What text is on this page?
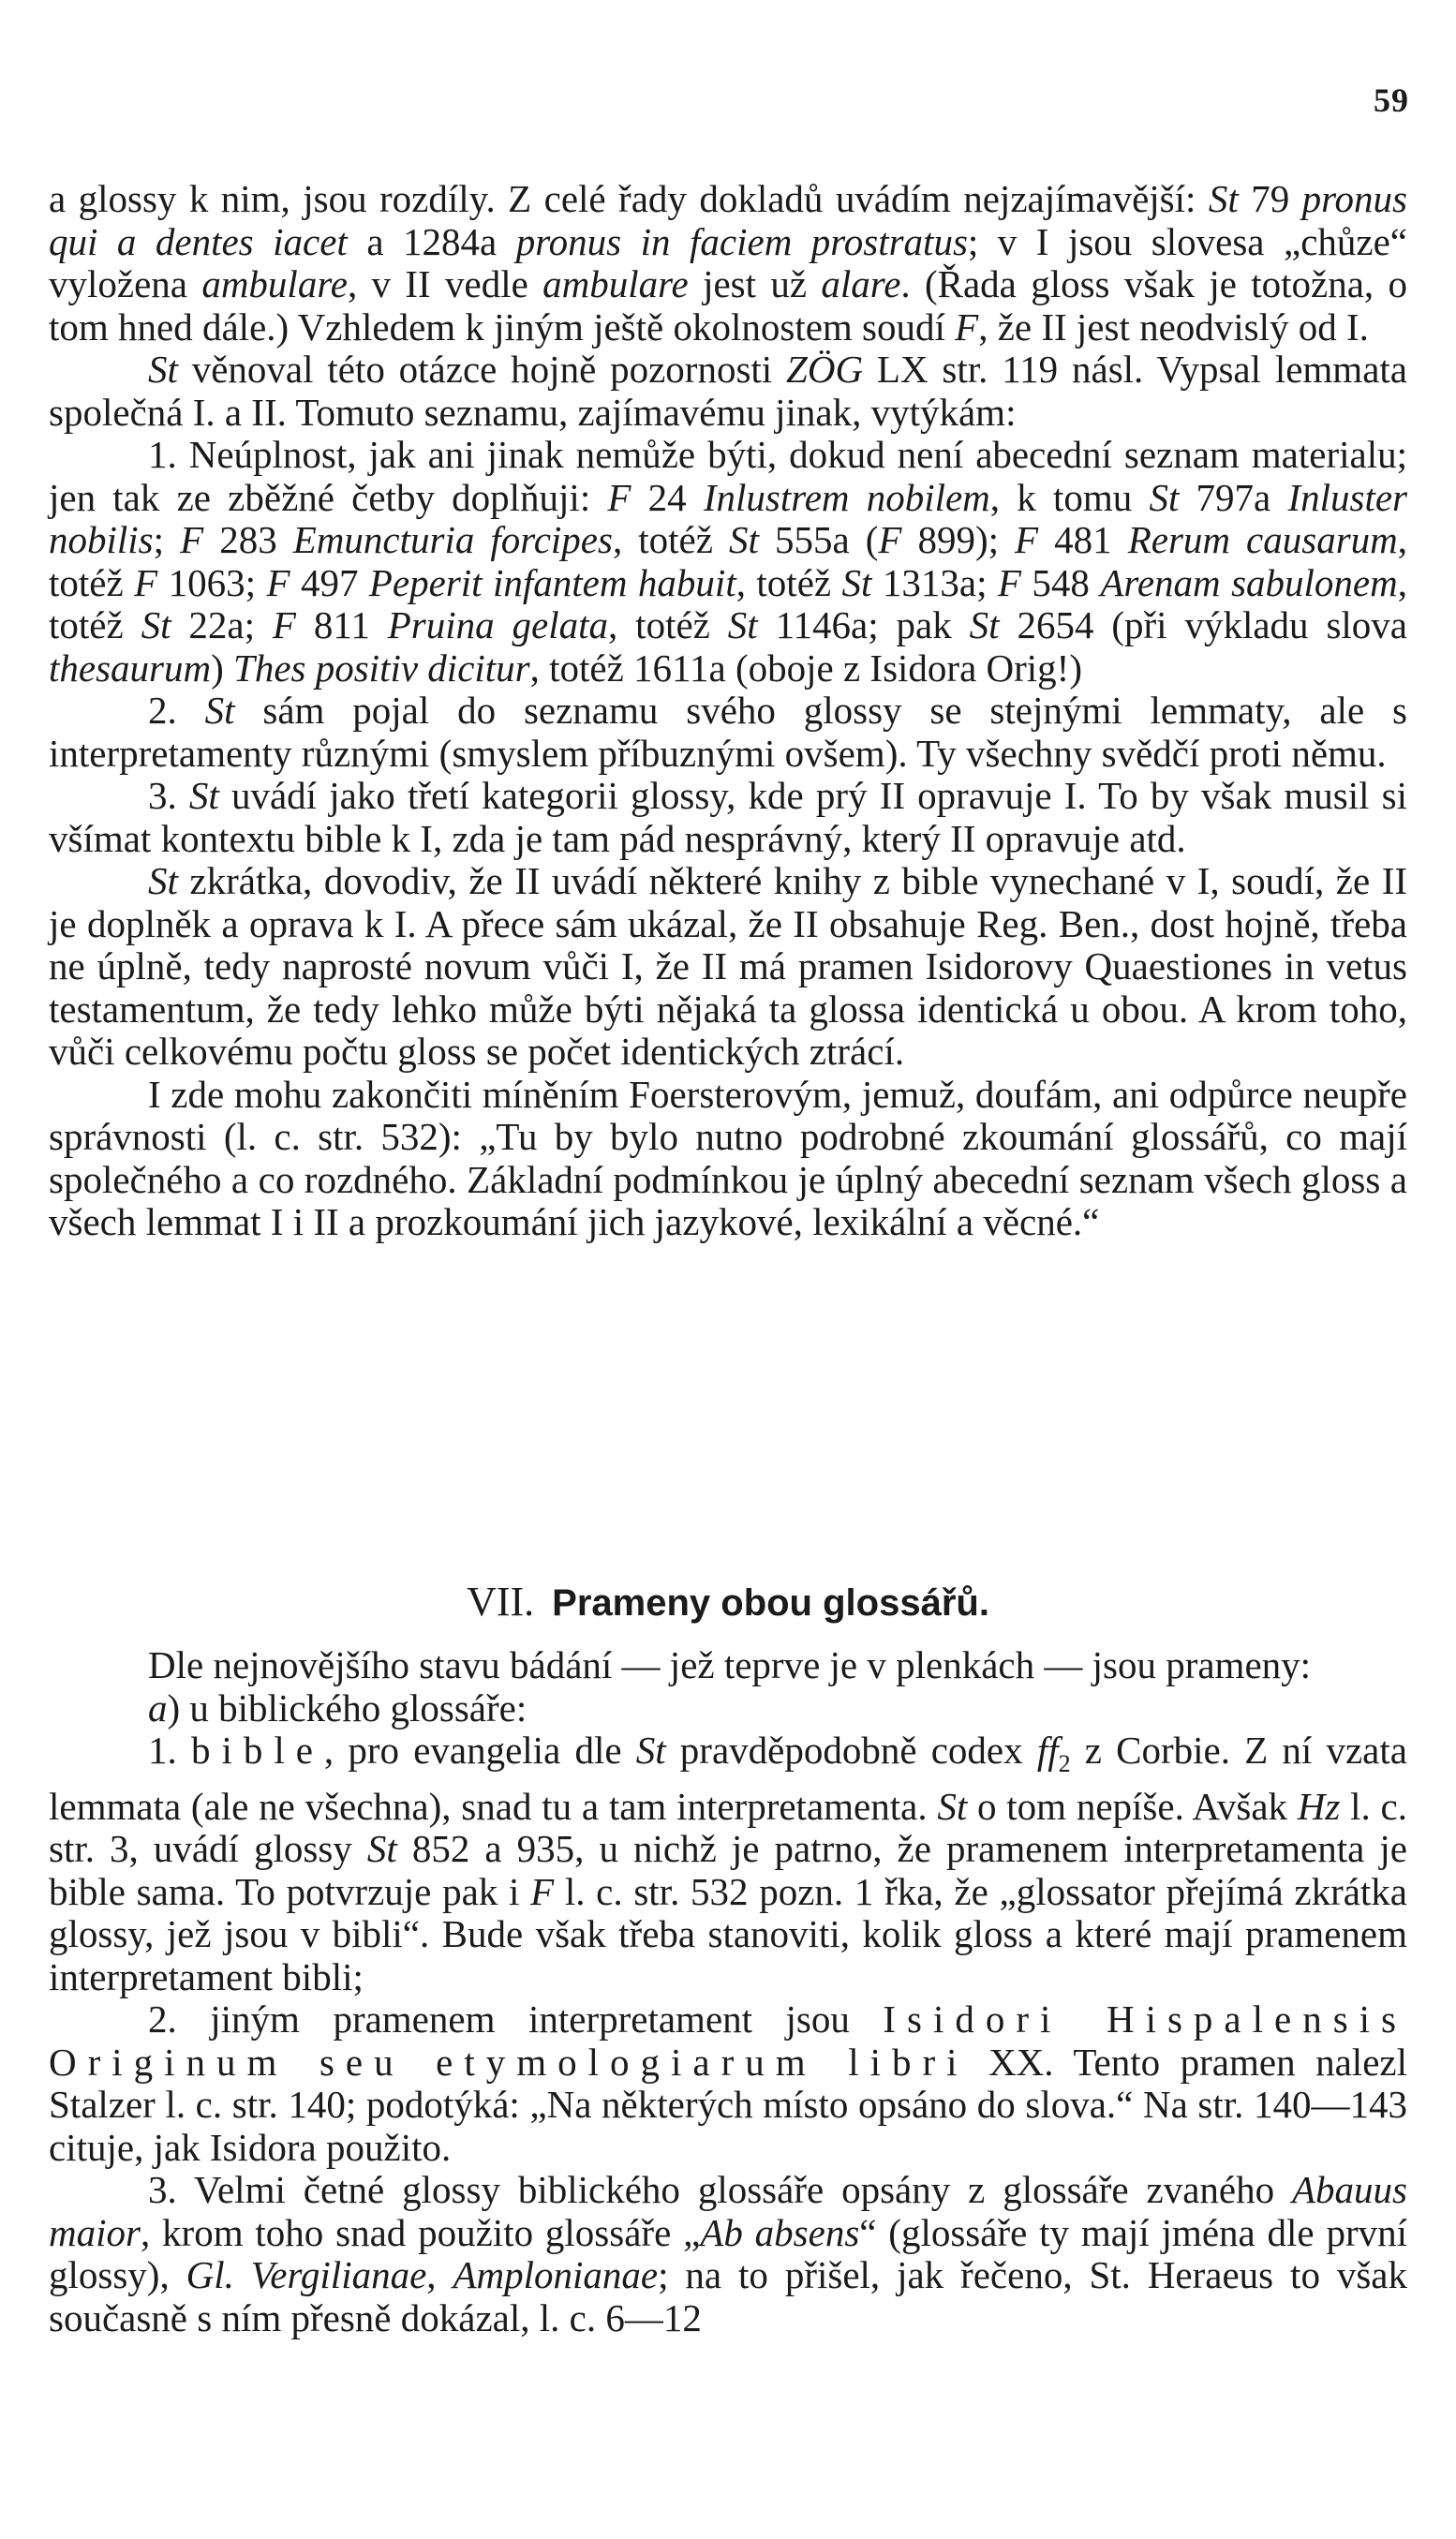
59

a glossy k nim, jsou rozdíly. Z celé řady dokladů uvádím nejzajímavější: St 79 pronus qui a dentes iacet a 1284a pronus in faciem prostratus; v I jsou slovesa „chůze“ vyložena ambulare, v II vedle ambulare jest už alare. (Řada gloss však je totožna, o tom hned dále.) Vzhledem k jiným ještě okolnostem soudí F, že II jest neodvislý od I.

St věnoval této otázce hojně pozornosti ZÖG LX str. 119 násl. Vypsal lemmata společná I. a II. Tomuto seznamu, zajímavému jinak, vytýkám:

1. Neúplnost, jak ani jinak nemůže býti, dokud není abecední seznam materialu; jen tak ze zběžné četby doplňuji: F 24 Inlustrem nobilem, k tomu St 797a Inluster nobilis; F 283 Emuncturia forcipes, totéž St 555a (F 899); F 481 Rerum causarum, totéž F 1063; F 497 Peperit infantem habuit, totéž St 1313a; F 548 Arenam sabulonem, totéž St 22a; F 811 Pruina gelata, totéž St 1146a; pak St 2654 (při výkladu slova thesaurum) Thes positiv dicitur, totéž 1611a (oboje z Isidora Orig!)

2. St sám pojal do seznamu svého glossy se stejnými lemmaty, ale s interpretamenty různými (smyslem příbuznými ovšem). Ty všechny svědčí proti němu.

3. St uvádí jako třetí kategorii glossy, kde prý II opravuje I. To by však musil si všímat kontextu bible k I, zda je tam pád nesprávný, který II opravuje atd.

St zkrátka, dovodiv, že II uvádí některé knihy z bible vynechané v I, soudí, že II je doplněk a oprava k I. A přece sám ukázal, že II obsahuje Reg. Ben., dost hojně, třeba ne úplně, tedy naprosté novum vůči I, že II má pramen Isidorovy Quaestiones in vetus testamentum, že tedy lehko může býti nějaká ta glossa identická u obou. A krom toho, vůči celkovému počtu gloss se počet identických ztrácí.

I zde mohu zakončiti míněním Foersterovým, jemuž, doufám, ani odpůrce neupře správnosti (l. c. str. 532): „Tu by bylo nutno podrobné zkoumání glossářů, co mají společného a co rozdného. Základní podmínkou je úplný abecední seznam všech gloss a všech lemmat I i II a prozkoumání jich jazykové, lexikální a věcné.“

VII. Prameny obou glossářů.

Dle nejnovějšího stavu bádání — jež teprve je v plenkách — jsou prameny:

a) u biblického glossáře:

1. bible, pro evangelia dle St pravděpodobně codex $ff_2$ z Corbie. Z ní vzata lemmata (ale ne všechna), snad tu a tam interpretamenta. St o tom nepíše. Avšak Hz l. c. str. 3, uvádí glossy St 852 a 935, u nichž je patrno, že pramenem interpretamenta je bible sama. To potvrzuje pak i F l. c. str. 532 pozn. 1 řka, že „glossator přejímá zkrátka glossy, jež jsou v bibli“. Bude však třeba stanoviti, kolik gloss a které mají pramenem interpretament bibli;

2. jiným pramenem interpretament jsou Isidori Hispalensis Originum seu etymologiarum libri XX. Tento pramen nalezl Stalzer l. c. str. 140; podotýká: „Na některých místo opsáno do slova.“ Na str. 140—143 cituje, jak Isidora použito.

3. Velmi četné glossy biblického glossáře opsány z glossáře zvaného Abauus maior, krom toho snad použito glossáře „Ab absens“ (glossáře ty mají jména dle první glossy), Gl. Vergilianae, Amplonianae; na to přišel, jak řečeno, St. Heraeus to však současně s ním přesně dokázal, l. c. 6—12
